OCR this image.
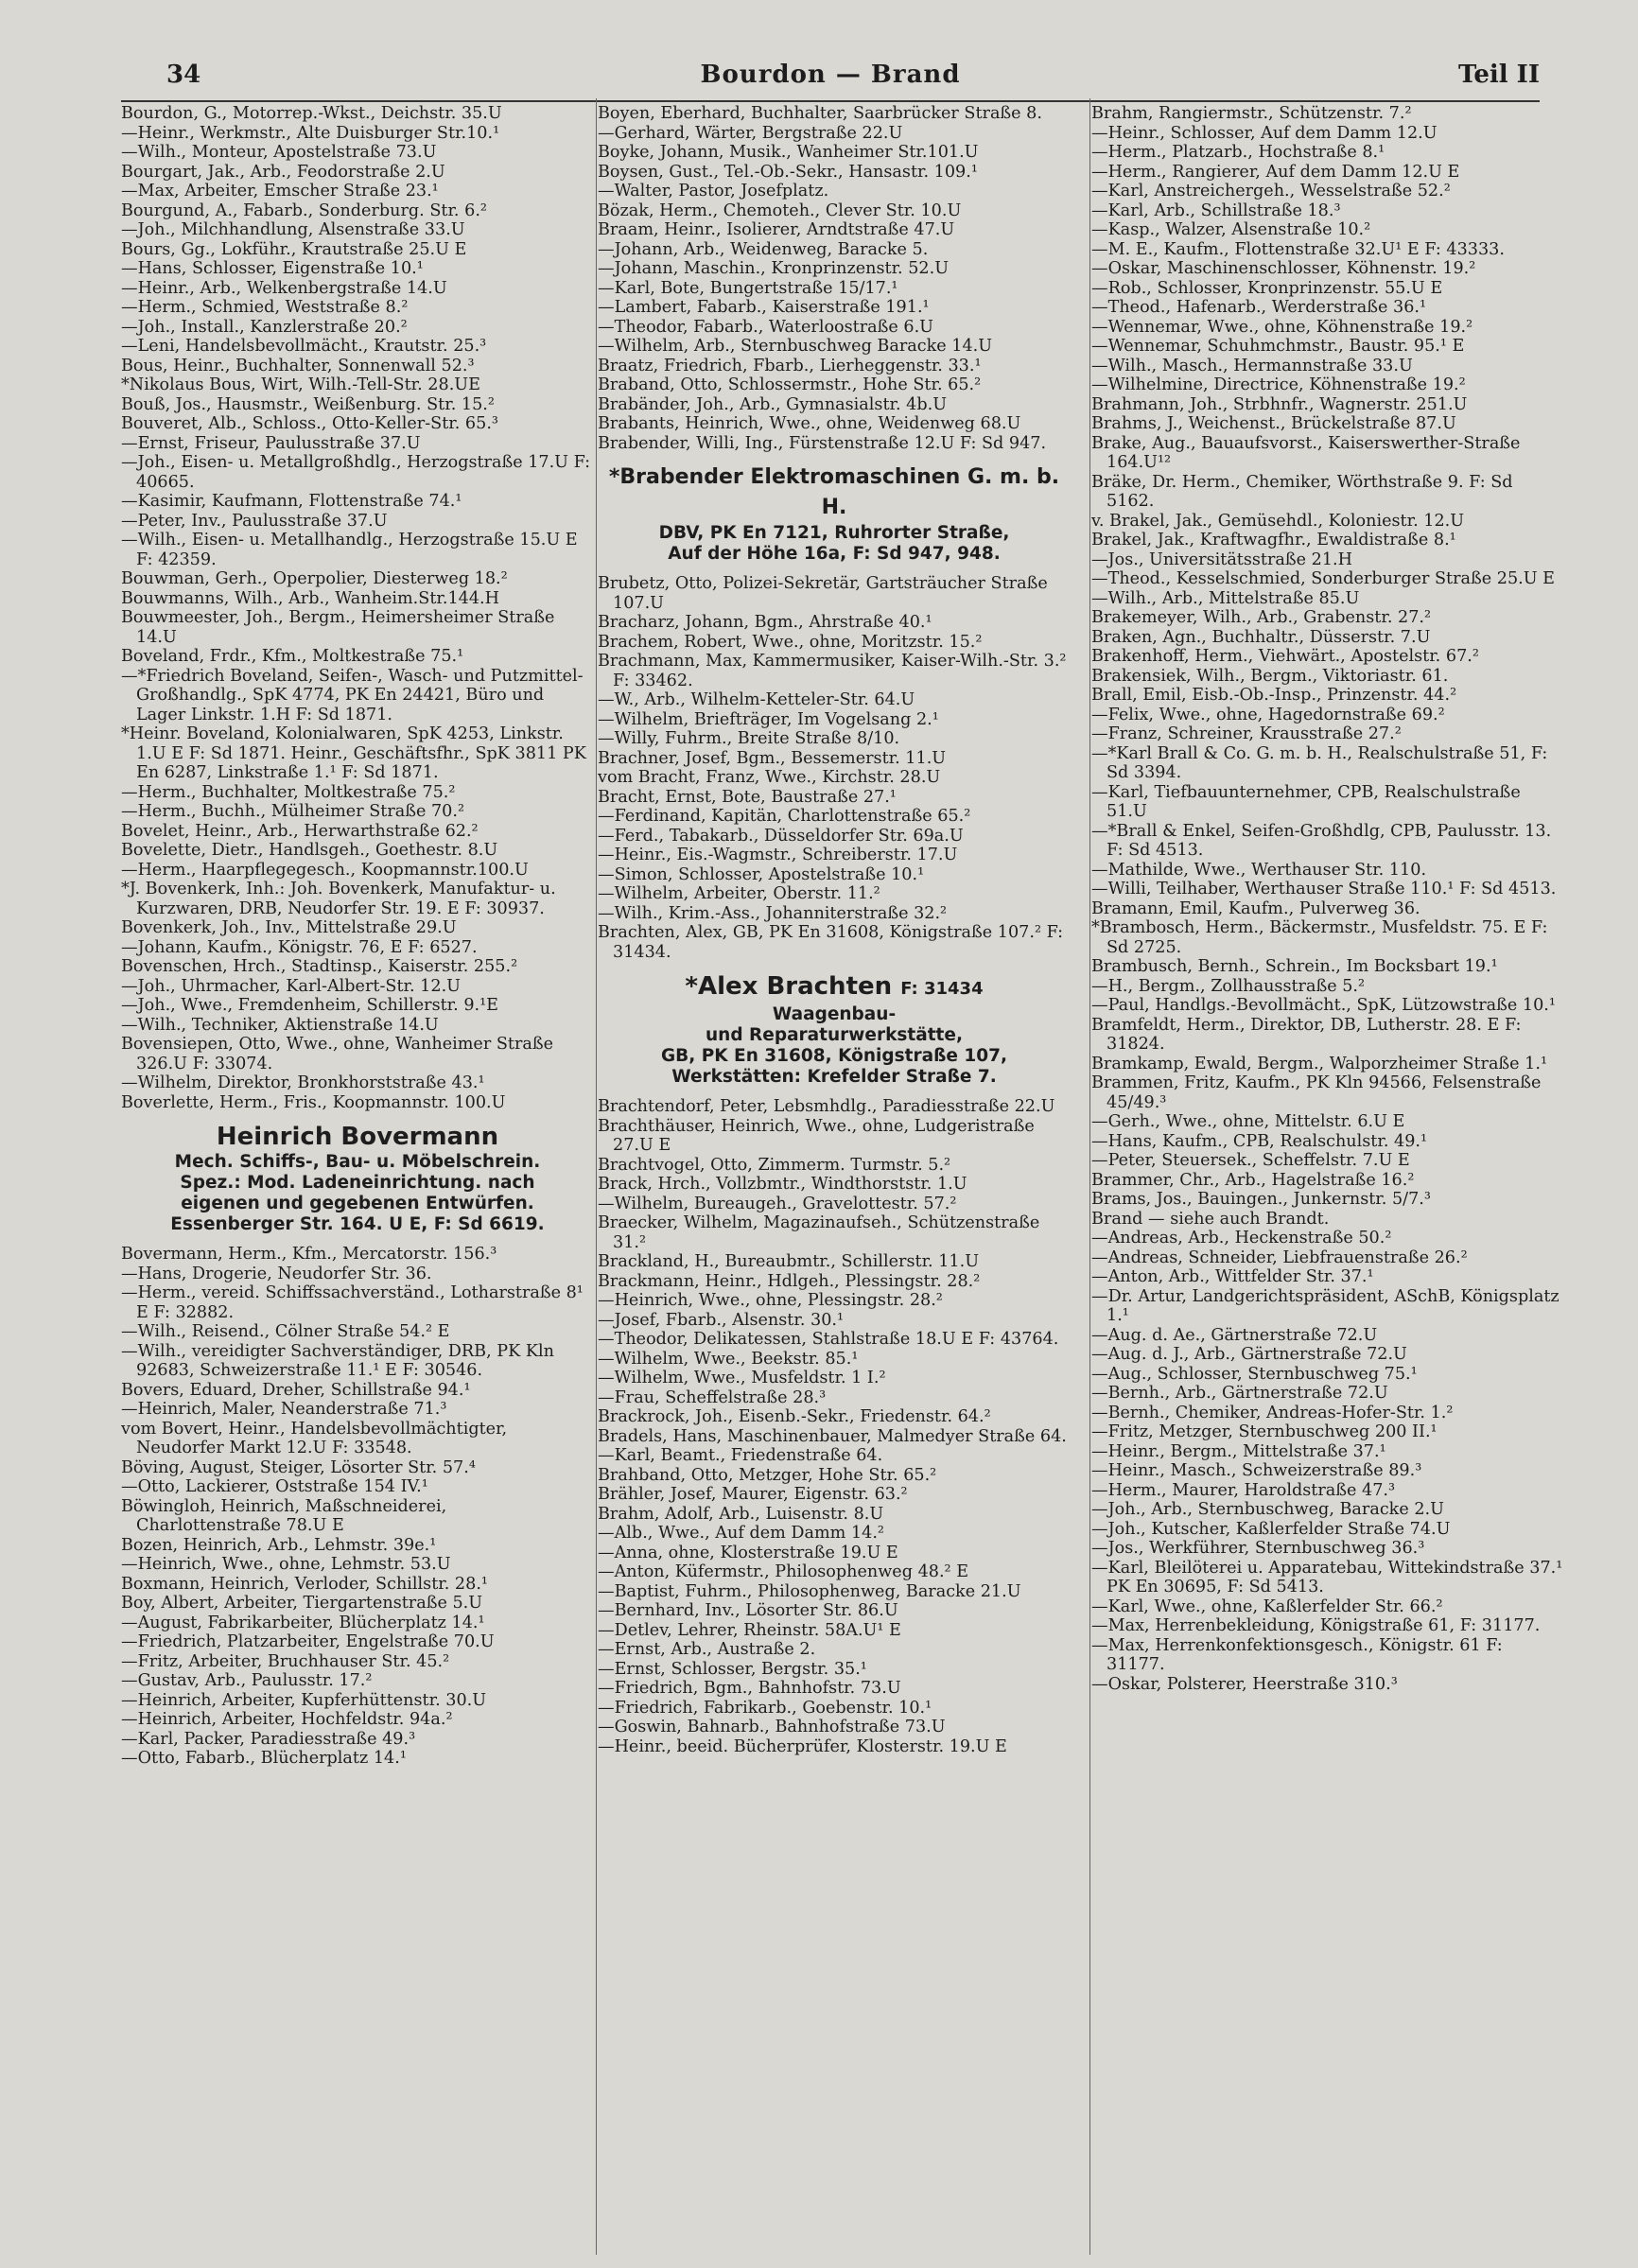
34	Bourdon — Brand	Teil II

Bourdon, G., Motorrep.-Wkst., Deichstr. 35.U

—Heinr., Werkmstr., Alte Duisburger Str.10.¹

—Wilh., Monteur, Apostelstraße 73.U

Bourgart, Jak., Arb., Feodorstraße 2.U

—Max, Arbeiter, Emscher Straße 23.¹

Bourgund, A., Fabarb., Sonderburg. Str. 6.²

—Joh., Milchhandlung, Alsenstraße 33.U

Bours, Gg., Lokführ., Krautstraße 25.U E

—Hans, Schlosser, Eigenstraße 10.¹

—Heinr., Arb., Welkenbergstraße 14.U

—Herm., Schmied, Weststraße 8.²

—Joh., Install., Kanzlerstraße 20.²

—Leni, Handelsbevollmächt., Krautstr. 25.³

Bous, Heinr., Buchhalter, Sonnenwall 52.³

*Nikolaus Bous, Wirt, Wilh.-Tell-Str. 28.UE

Bouß, Jos., Hausmstr., Weißenburg. Str. 15.²

Bouveret, Alb., Schloss., Otto-Keller-Str. 65.³

—Ernst, Friseur, Paulusstraße 37.U

—Joh., Eisen- u. Metallgroßhdlg., Herzogstraße 17.U F: 40665.

—Kasimir, Kaufmann, Flottenstraße 74.¹

—Peter, Inv., Paulusstraße 37.U

—Wilh., Eisen- u. Metallhandlg., Herzogstraße 15.U E F: 42359.

Bouwman, Gerh., Operpolier, Diesterweg 18.²

Bouwmanns, Wilh., Arb., Wanheim.Str.144.H

Bouwmeester, Joh., Bergm., Heimersheimer Straße 14.U

Boveland, Frdr., Kfm., Moltkestraße 75.¹

—*Friedrich Boveland, Seifen-, Wasch- und Putzmittel-Großhandlg., SpK 4774, PK En 24421, Büro und Lager Linkstr. 1.H F: Sd 1871.

*Heinr. Boveland, Kolonialwaren, SpK 4253, Linkstr. 1.U E F: Sd 1871. Heinr., Geschäftsfhr., SpK 3811 PK En 6287, Linkstraße 1.¹ F: Sd 1871.

—Herm., Buchhalter, Moltkestraße 75.²

—Herm., Buchh., Mülheimer Straße 70.²

Bovelet, Heinr., Arb., Herwarthstraße 62.²

Bovelette, Dietr., Handlsgeh., Goethestr. 8.U

—Herm., Haarpflegegesch., Koopmannstr.100.U

*J. Bovenkerk, Inh.: Joh. Bovenkerk, Manufaktur- u. Kurzwaren, DRB, Neudorfer Str. 19. E F: 30937.

Bovenkerk, Joh., Inv., Mittelstraße 29.U

—Johann, Kaufm., Königstr. 76, E F: 6527.

Bovenschen, Hrch., Stadtinsp., Kaiserstr. 255.²

—Joh., Uhrmacher, Karl-Albert-Str. 12.U

—Joh., Wwe., Fremdenheim, Schillerstr. 9.¹E

—Wilh., Techniker, Aktienstraße 14.U

Bovensiepen, Otto, Wwe., ohne, Wanheimer Straße 326.U F: 33074.

—Wilhelm, Direktor, Bronkhorststraße 43.¹

Boverlette, Herm., Fris., Koopmannstr. 100.U

Heinrich Bovermann
Mech. Schiffs-, Bau- u. Möbelschrein.
Spez.: Mod. Ladeneinrichtung. nach
eigenen und gegebenen Entwürfen.
Essenberger Str. 164. U E, F: Sd 6619.

Bovermann, Herm., Kfm., Mercatorstr. 156.³

—Hans, Drogerie, Neudorfer Str. 36.

—Herm., vereid. Schiffssachverständ., Lotharstraße 8¹ E F: 32882.

—Wilh., Reisend., Cölner Straße 54.² E

—Wilh., vereidigter Sachverständiger, DRB, PK Kln 92683, Schweizerstraße 11.¹ E F: 30546.

Bovers, Eduard, Dreher, Schillstraße 94.¹

—Heinrich, Maler, Neanderstraße 71.³

vom Bovert, Heinr., Handelsbevollmächtigter, Neudorfer Markt 12.U F: 33548.

Böving, August, Steiger, Lösorter Str. 57.⁴

—Otto, Lackierer, Oststraße 154 IV.¹

Böwingloh, Heinrich, Maßschneiderei, Charlottenstraße 78.U E

Bozen, Heinrich, Arb., Lehmstr. 39e.¹

—Heinrich, Wwe., ohne, Lehmstr. 53.U

Boxmann, Heinrich, Verloder, Schillstr. 28.¹

Boy, Albert, Arbeiter, Tiergartenstraße 5.U

—August, Fabrikarbeiter, Blücherplatz 14.¹

—Friedrich, Platzarbeiter, Engelstraße 70.U

—Fritz, Arbeiter, Bruchhauser Str. 45.²

—Gustav, Arb., Paulusstr. 17.²

—Heinrich, Arbeiter, Kupferhüttenstr. 30.U

—Heinrich, Arbeiter, Hochfeldstr. 94a.²

—Karl, Packer, Paradiesstraße 49.³

—Otto, Fabarb., Blücherplatz 14.¹

Boyen, Eberhard, Buchhalter, Saarbrücker Straße 8.

—Gerhard, Wärter, Bergstraße 22.U

Boyke, Johann, Musik., Wanheimer Str.101.U

Boysen, Gust., Tel.-Ob.-Sekr., Hansastr. 109.¹

—Walter, Pastor, Josefplatz.

Bözak, Herm., Chemoteh., Clever Str. 10.U

Braam, Heinr., Isolierer, Arndtstraße 47.U

—Johann, Arb., Weidenweg, Baracke 5.

—Johann, Maschin., Kronprinzenstr. 52.U

—Karl, Bote, Bungertstraße 15/17.¹

—Lambert, Fabarb., Kaiserstraße 191.¹

—Theodor, Fabarb., Waterloostraße 6.U

—Wilhelm, Arb., Sternbuschweg Baracke 14.U

Braatz, Friedrich, Fbarb., Lierheggenstr. 33.¹

Braband, Otto, Schlossermstr., Hohe Str. 65.²

Brabänder, Joh., Arb., Gymnasialstr. 4b.U

Brabants, Heinrich, Wwe., ohne, Weidenweg 68.U

Brabender, Willi, Ing., Fürstenstraße 12.U F: Sd 947.

*Brabender Elektromaschinen G. m. b. H.
DBV, PK En 7121, Ruhrorter Straße,
Auf der Höhe 16a, F: Sd 947, 948.

Brubetz, Otto, Polizei-Sekretär, Gartsträucher Straße 107.U

Bracharz, Johann, Bgm., Ahrstraße 40.¹

Brachem, Robert, Wwe., ohne, Moritzstr. 15.²

Brachmann, Max, Kammermusiker, Kaiser-Wilh.-Str. 3.² F: 33462.

—W., Arb., Wilhelm-Ketteler-Str. 64.U

—Wilhelm, Briefträger, Im Vogelsang 2.¹

—Willy, Fuhrm., Breite Straße 8/10.

Brachner, Josef, Bgm., Bessemerstr. 11.U

vom Bracht, Franz, Wwe., Kirchstr. 28.U

Bracht, Ernst, Bote, Baustraße 27.¹

—Ferdinand, Kapitän, Charlottenstraße 65.²

—Ferd., Tabakarb., Düsseldorfer Str. 69a.U

—Heinr., Eis.-Wagmstr., Schreiberstr. 17.U

—Simon, Schlosser, Apostelstraße 10.¹

—Wilhelm, Arbeiter, Oberstr. 11.²

—Wilh., Krim.-Ass., Johanniterstraße 32.²

Brachten, Alex, GB, PK En 31608, Königstraße 107.² F: 31434.

*Alex Brachten F: 31434
Waagenbau-
und Reparaturwerkstätte,
GB, PK En 31608, Königstraße 107,
Werkstätten: Krefelder Straße 7.

Brachtendorf, Peter, Lebsmhdlg., Paradiesstraße 22.U

Brachthäuser, Heinrich, Wwe., ohne, Ludgeristraße 27.U E

Brachtvogel, Otto, Zimmerm. Turmstr. 5.²

Brack, Hrch., Vollzbmtr., Windthorststr. 1.U

—Wilhelm, Bureaugeh., Gravelottestr. 57.²

Braecker, Wilhelm, Magazinaufseh., Schützenstraße 31.²

Brackland, H., Bureaubmtr., Schillerstr. 11.U

Brackmann, Heinr., Hdlgeh., Plessingstr. 28.²

—Heinrich, Wwe., ohne, Plessingstr. 28.²

—Josef, Fbarb., Alsenstr. 30.¹

—Theodor, Delikatessen, Stahlstraße 18.U E F: 43764.

—Wilhelm, Wwe., Beekstr. 85.¹

—Wilhelm, Wwe., Musfeldstr. 1 I.²

—Frau, Scheffelstraße 28.³

Brackrock, Joh., Eisenb.-Sekr., Friedenstr. 64.²

Bradels, Hans, Maschinenbauer, Malmedyer Straße 64.

—Karl, Beamt., Friedenstraße 64.

Brahband, Otto, Metzger, Hohe Str. 65.²

Brähler, Josef, Maurer, Eigenstr. 63.²

Brahm, Adolf, Arb., Luisenstr. 8.U

—Alb., Wwe., Auf dem Damm 14.²

—Anna, ohne, Klosterstraße 19.U E

—Anton, Küfermstr., Philosophenweg 48.² E

—Baptist, Fuhrm., Philosophenweg, Baracke 21.U

—Bernhard, Inv., Lösorter Str. 86.U

—Detlev, Lehrer, Rheinstr. 58A.U¹ E

—Ernst, Arb., Austraße 2.

—Ernst, Schlosser, Bergstr. 35.¹

—Friedrich, Bgm., Bahnhofstr. 73.U

—Friedrich, Fabrikarb., Goebenstr. 10.¹

—Goswin, Bahnarb., Bahnhofstraße 73.U

—Heinr., beeid. Bücherprüfer, Klosterstr. 19.U E

Brahm, Rangiermstr., Schützenstr. 7.²

—Heinr., Schlosser, Auf dem Damm 12.U

—Herm., Platzarb., Hochstraße 8.¹

—Herm., Rangierer, Auf dem Damm 12.U E

—Karl, Anstreichergeh., Wesselstraße 52.²

—Karl, Arb., Schillstraße 18.³

—Kasp., Walzer, Alsenstraße 10.²

—M. E., Kaufm., Flottenstraße 32.U¹ E F: 43333.

—Oskar, Maschinenschlosser, Köhnenstr. 19.²

—Rob., Schlosser, Kronprinzenstr. 55.U E

—Theod., Hafenarb., Werderstraße 36.¹

—Wennemar, Wwe., ohne, Köhnenstraße 19.²

—Wennemar, Schuhmchmstr., Baustr. 95.¹ E

—Wilh., Masch., Hermannstraße 33.U

—Wilhelmine, Directrice, Köhnenstraße 19.²

Brahmann, Joh., Strbhnfr., Wagnerstr. 251.U

Brahms, J., Weichenst., Brückelstraße 87.U

Brake, Aug., Bauaufsvorst., Kaiserswerther-Straße 164.U¹²

Bräke, Dr. Herm., Chemiker, Wörthstraße 9. F: Sd 5162.

v. Brakel, Jak., Gemüsehdl., Koloniestr. 12.U

Brakel, Jak., Kraftwagfhr., Ewaldistraße 8.¹

—Jos., Universitätsstraße 21.H

—Theod., Kesselschmied, Sonderburger Straße 25.U E

—Wilh., Arb., Mittelstraße 85.U

Brakemeyer, Wilh., Arb., Grabenstr. 27.²

Braken, Agn., Buchhaltr., Düsserstr. 7.U

Brakenhoff, Herm., Viehwärt., Apostelstr. 67.²

Brakensiek, Wilh., Bergm., Viktoriastr. 61.

Brall, Emil, Eisb.-Ob.-Insp., Prinzenstr. 44.²

—Felix, Wwe., ohne, Hagedornstraße 69.²

—Franz, Schreiner, Krausstraße 27.²

—*Karl Brall & Co. G. m. b. H., Realschulstraße 51, F: Sd 3394.

—Karl, Tiefbauunternehmer, CPB, Realschulstraße 51.U

—*Brall & Enkel, Seifen-Großhdlg, CPB, Paulusstr. 13. F: Sd 4513.

—Mathilde, Wwe., Werthauser Str. 110.

—Willi, Teilhaber, Werthauser Straße 110.¹ F: Sd 4513.

Bramann, Emil, Kaufm., Pulverweg 36.

*Brambosch, Herm., Bäckermstr., Musfeldstr. 75. E F: Sd 2725.

Brambusch, Bernh., Schrein., Im Bocksbart 19.¹

—H., Bergm., Zollhausstraße 5.²

—Paul, Handlgs.-Bevollmächt., SpK, Lützowstraße 10.¹

Bramfeldt, Herm., Direktor, DB, Lutherstr. 28. E F: 31824.

Bramkamp, Ewald, Bergm., Walporzheimer Straße 1.¹

Brammen, Fritz, Kaufm., PK Kln 94566, Felsenstraße 45/49.³

—Gerh., Wwe., ohne, Mittelstr. 6.U E

—Hans, Kaufm., CPB, Realschulstr. 49.¹

—Peter, Steuersek., Scheffelstr. 7.U E

Brammer, Chr., Arb., Hagelstraße 16.²

Brams, Jos., Bauingen., Junkernstr. 5/7.³

Brand — siehe auch Brandt.

—Andreas, Arb., Heckenstraße 50.²

—Andreas, Schneider, Liebfrauenstraße 26.²

—Anton, Arb., Wittfelder Str. 37.¹

—Dr. Artur, Landgerichtspräsident, ASchB, Königsplatz 1.¹

—Aug. d. Ae., Gärtnerstraße 72.U

—Aug. d. J., Arb., Gärtnerstraße 72.U

—Aug., Schlosser, Sternbuschweg 75.¹

—Bernh., Arb., Gärtnerstraße 72.U

—Bernh., Chemiker, Andreas-Hofer-Str. 1.²

—Fritz, Metzger, Sternbuschweg 200 II.¹

—Heinr., Bergm., Mittelstraße 37.¹

—Heinr., Masch., Schweizerstraße 89.³

—Herm., Maurer, Haroldstraße 47.³

—Joh., Arb., Sternbuschweg, Baracke 2.U

—Joh., Kutscher, Kaßlerfelder Straße 74.U

—Jos., Werkführer, Sternbuschweg 36.³

—Karl, Bleilöterei u. Apparatebau, Wittekindstraße 37.¹ PK En 30695, F: Sd 5413.

—Karl, Wwe., ohne, Kaßlerfelder Str. 66.²

—Max, Herrenbekleidung, Königstraße 61, F: 31177.

—Max, Herrenkonfektionsgesch., Königstr. 61 F: 31177.

—Oskar, Polsterer, Heerstraße 310.³
